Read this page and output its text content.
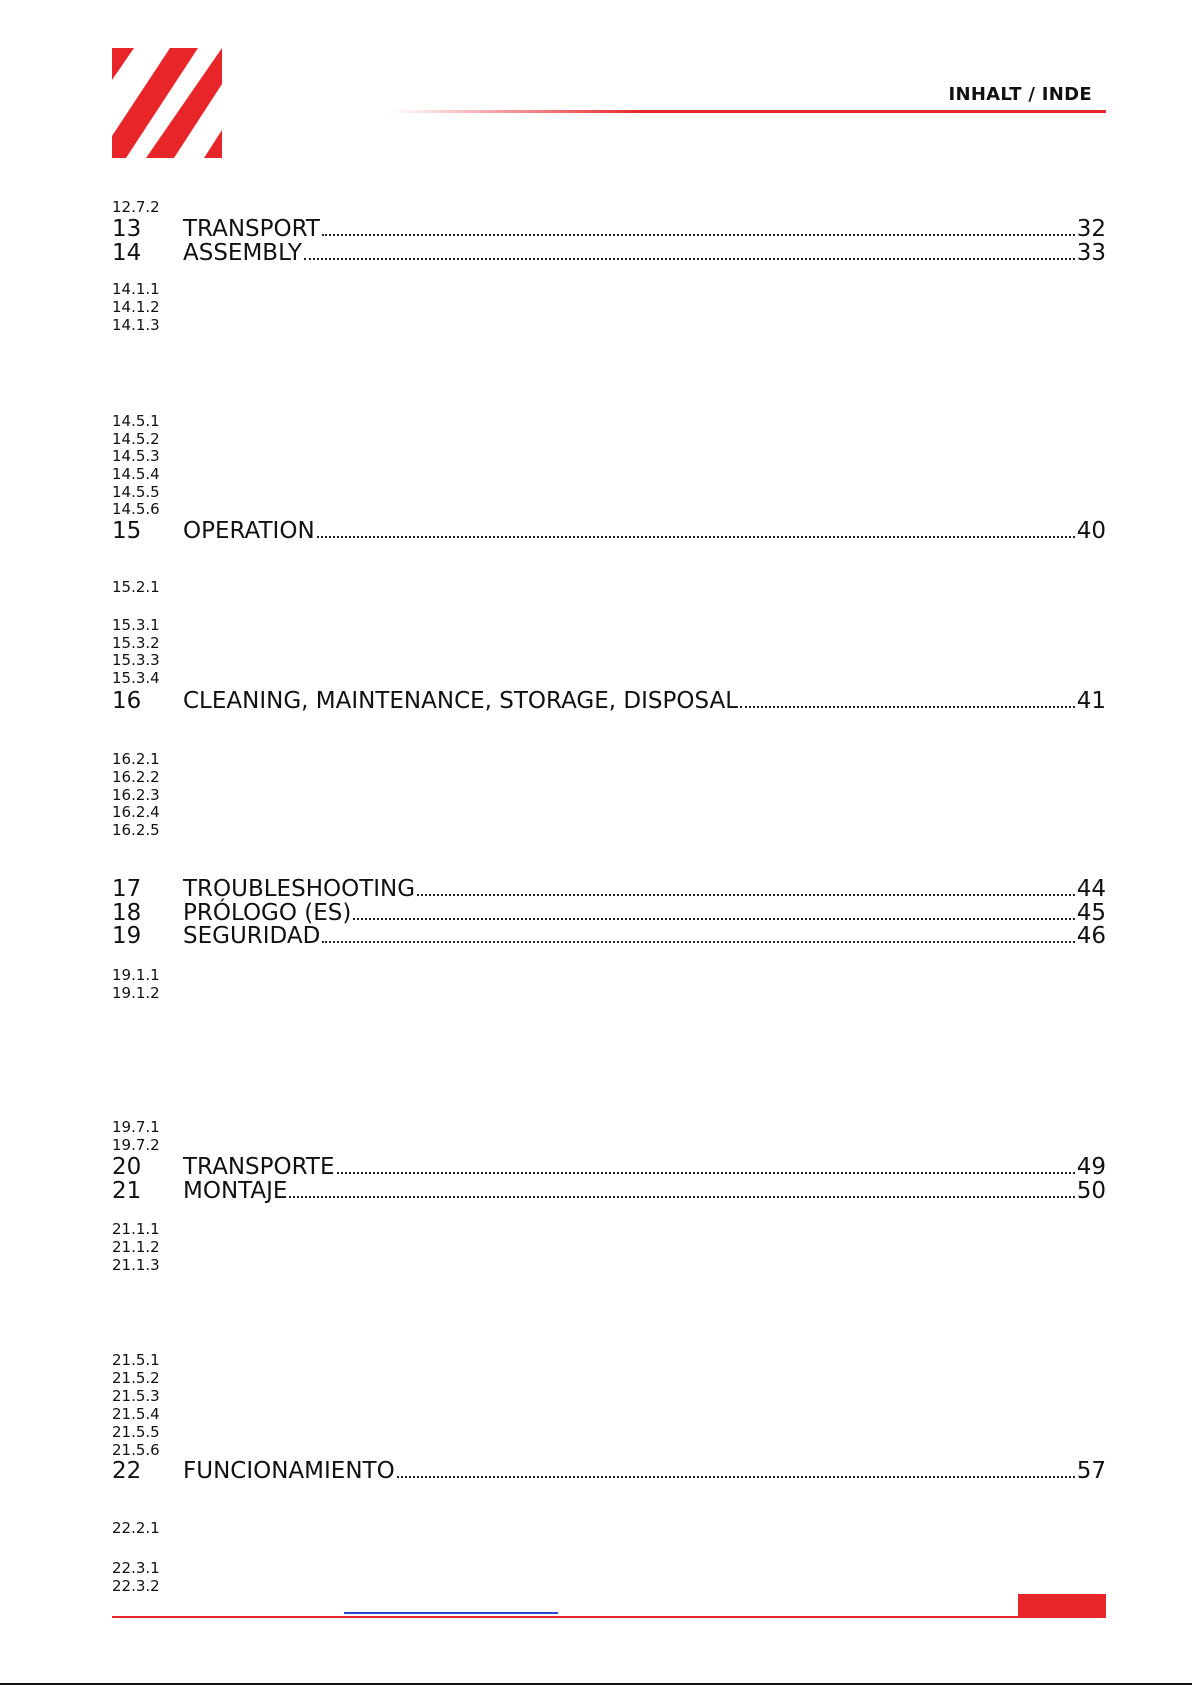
INHALT / INDE
12.7.2
13 TRANSPORT	32
14 ASSEMBLY	33
14.1.1
14.1.2
14.1.3
14.5.1
14.5.2
14.5.3
14.5.4
14.5.5
14.5.6
15 OPERATION	40
15.2.1
15.3.1
15.3.2
15.3.3
15.3.4
16 CLEANING, MAINTENANCE, STORAGE, DISPOSAL	41
16.2.1
16.2.2
16.2.3
16.2.4
16.2.5
17 TROUBLESHOOTING	44
18 PRÓLOGO (ES)	45
19 SEGURIDAD	46
19.1.1
19.1.2
19.7.1
19.7.2
20 TRANSPORTE	49
21 MONTAJE	50
21.1.1
21.1.2
21.1.3
21.5.1
21.5.2
21.5.3
21.5.4
21.5.5
21.5.6
22 FUNCIONAMIENTO	57
22.2.1
22.3.1
22.3.2
